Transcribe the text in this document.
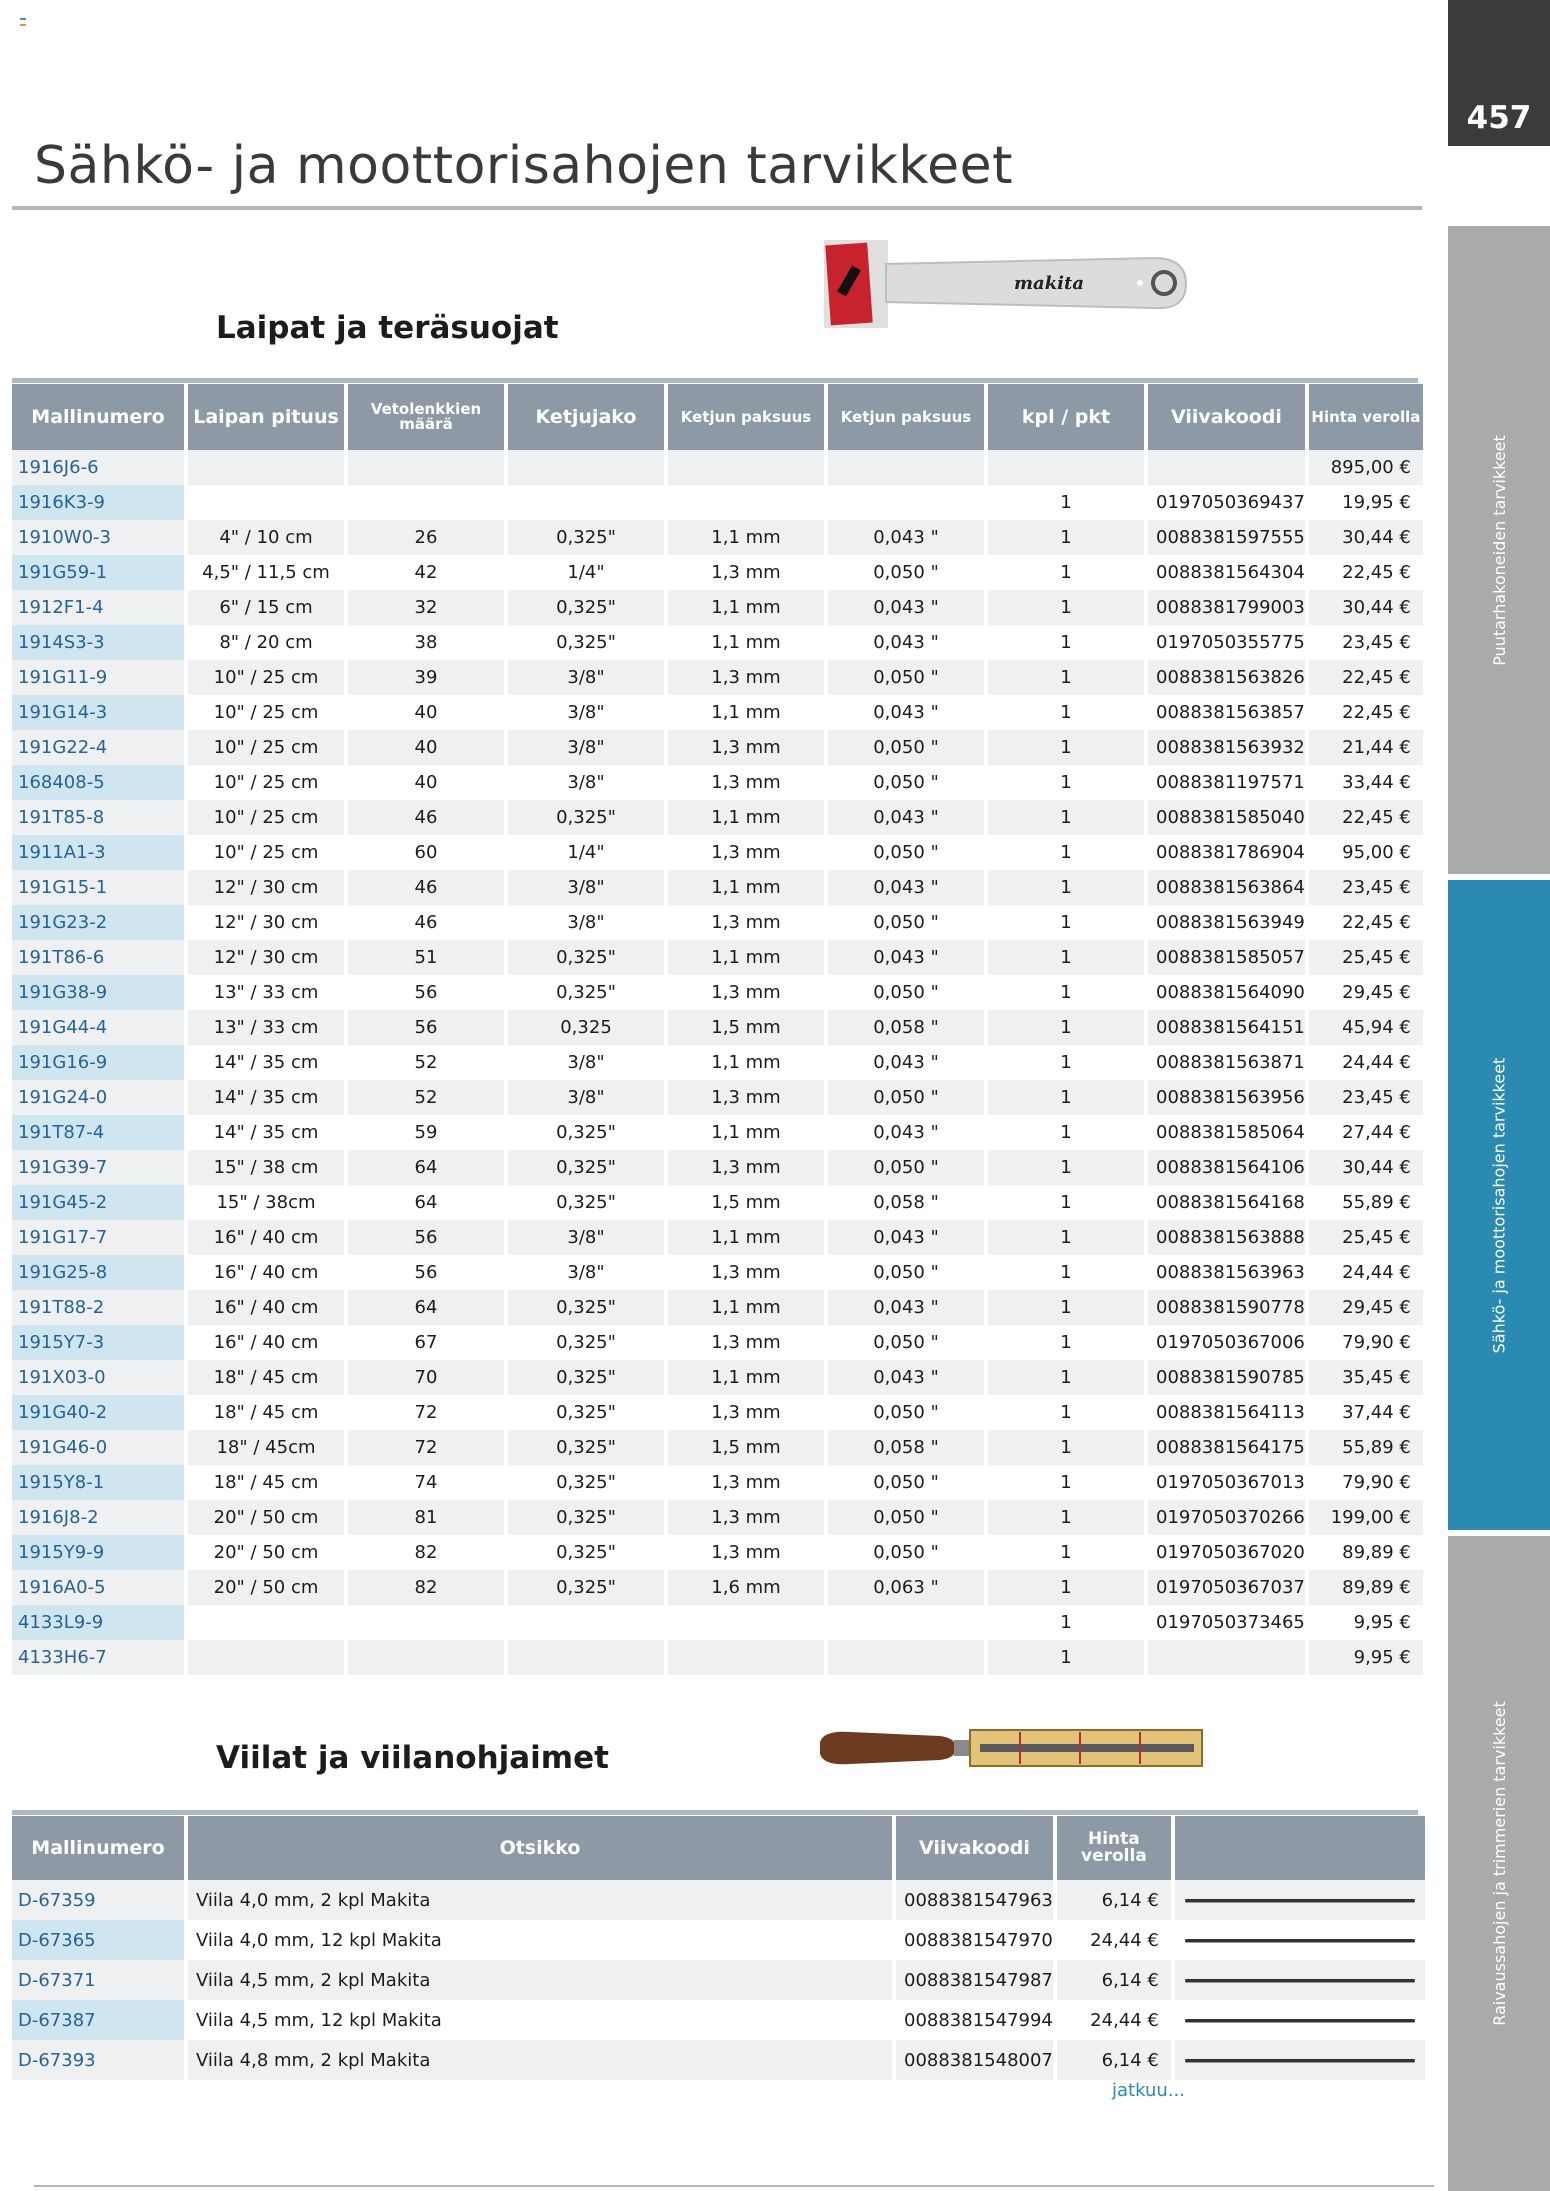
457
Puutarhakoneiden tarvikkeet
Sähkö- ja moottorisahojen tarvikkeet
Raivaussahojen ja trimmerien tarvikkeet
Sähkö- ja moottorisahojen tarvikkeet
makita
Laipat ja teräsuojat
Mallinumero	Laipan pituus	Vetolenkkien määrä	Ketjujako	Ketjun paksuus	Ketjun paksuus	kpl / pkt	Viivakoodi	Hinta verolla
1916J6-6								895,00 €
1916K3-9						1	0197050369437	19,95 €
1910W0-3	4" / 10 cm	26	0,325"	1,1 mm	0,043 "	1	0088381597555	30,44 €
191G59-1	4,5" / 11,5 cm	42	1/4"	1,3 mm	0,050 "	1	0088381564304	22,45 €
1912F1-4	6" / 15 cm	32	0,325"	1,1 mm	0,043 "	1	0088381799003	30,44 €
1914S3-3	8" / 20 cm	38	0,325"	1,1 mm	0,043 "	1	0197050355775	23,45 €
191G11-9	10" / 25 cm	39	3/8"	1,3 mm	0,050 "	1	0088381563826	22,45 €
191G14-3	10" / 25 cm	40	3/8"	1,1 mm	0,043 "	1	0088381563857	22,45 €
191G22-4	10" / 25 cm	40	3/8"	1,3 mm	0,050 "	1	0088381563932	21,44 €
168408-5	10" / 25 cm	40	3/8"	1,3 mm	0,050 "	1	0088381197571	33,44 €
191T85-8	10" / 25 cm	46	0,325"	1,1 mm	0,043 "	1	0088381585040	22,45 €
1911A1-3	10" / 25 cm	60	1/4"	1,3 mm	0,050 "	1	0088381786904	95,00 €
191G15-1	12" / 30 cm	46	3/8"	1,1 mm	0,043 "	1	0088381563864	23,45 €
191G23-2	12" / 30 cm	46	3/8"	1,3 mm	0,050 "	1	0088381563949	22,45 €
191T86-6	12" / 30 cm	51	0,325"	1,1 mm	0,043 "	1	0088381585057	25,45 €
191G38-9	13" / 33 cm	56	0,325"	1,3 mm	0,050 "	1	0088381564090	29,45 €
191G44-4	13" / 33 cm	56	0,325	1,5 mm	0,058 "	1	0088381564151	45,94 €
191G16-9	14" / 35 cm	52	3/8"	1,1 mm	0,043 "	1	0088381563871	24,44 €
191G24-0	14" / 35 cm	52	3/8"	1,3 mm	0,050 "	1	0088381563956	23,45 €
191T87-4	14" / 35 cm	59	0,325"	1,1 mm	0,043 "	1	0088381585064	27,44 €
191G39-7	15" / 38 cm	64	0,325"	1,3 mm	0,050 "	1	0088381564106	30,44 €
191G45-2	15" / 38cm	64	0,325"	1,5 mm	0,058 "	1	0088381564168	55,89 €
191G17-7	16" / 40 cm	56	3/8"	1,1 mm	0,043 "	1	0088381563888	25,45 €
191G25-8	16" / 40 cm	56	3/8"	1,3 mm	0,050 "	1	0088381563963	24,44 €
191T88-2	16" / 40 cm	64	0,325"	1,1 mm	0,043 "	1	0088381590778	29,45 €
1915Y7-3	16" / 40 cm	67	0,325"	1,3 mm	0,050 "	1	0197050367006	79,90 €
191X03-0	18" / 45 cm	70	0,325"	1,1 mm	0,043 "	1	0088381590785	35,45 €
191G40-2	18" / 45 cm	72	0,325"	1,3 mm	0,050 "	1	0088381564113	37,44 €
191G46-0	18" / 45cm	72	0,325"	1,5 mm	0,058 "	1	0088381564175	55,89 €
1915Y8-1	18" / 45 cm	74	0,325"	1,3 mm	0,050 "	1	0197050367013	79,90 €
1916J8-2	20" / 50 cm	81	0,325"	1,3 mm	0,050 "	1	0197050370266	199,00 €
1915Y9-9	20" / 50 cm	82	0,325"	1,3 mm	0,050 "	1	0197050367020	89,89 €
1916A0-5	20" / 50 cm	82	0,325"	1,6 mm	0,063 "	1	0197050367037	89,89 €
4133L9-9						1	0197050373465	9,95 €
4133H6-7						1		9,95 €
Viilat ja viilanohjaimet
Mallinumero	Otsikko	Viivakoodi	Hinta verolla	
D-67359	Viila 4,0 mm, 2 kpl Makita	0088381547963	6,14 €	

D-67365	Viila 4,0 mm, 12 kpl Makita	0088381547970	24,44 €	

D-67371	Viila 4,5 mm, 2 kpl Makita	0088381547987	6,14 €	

D-67387	Viila 4,5 mm, 12 kpl Makita	0088381547994	24,44 €	

D-67393	Viila 4,8 mm, 2 kpl Makita	0088381548007	6,14 €	
jatkuu...
